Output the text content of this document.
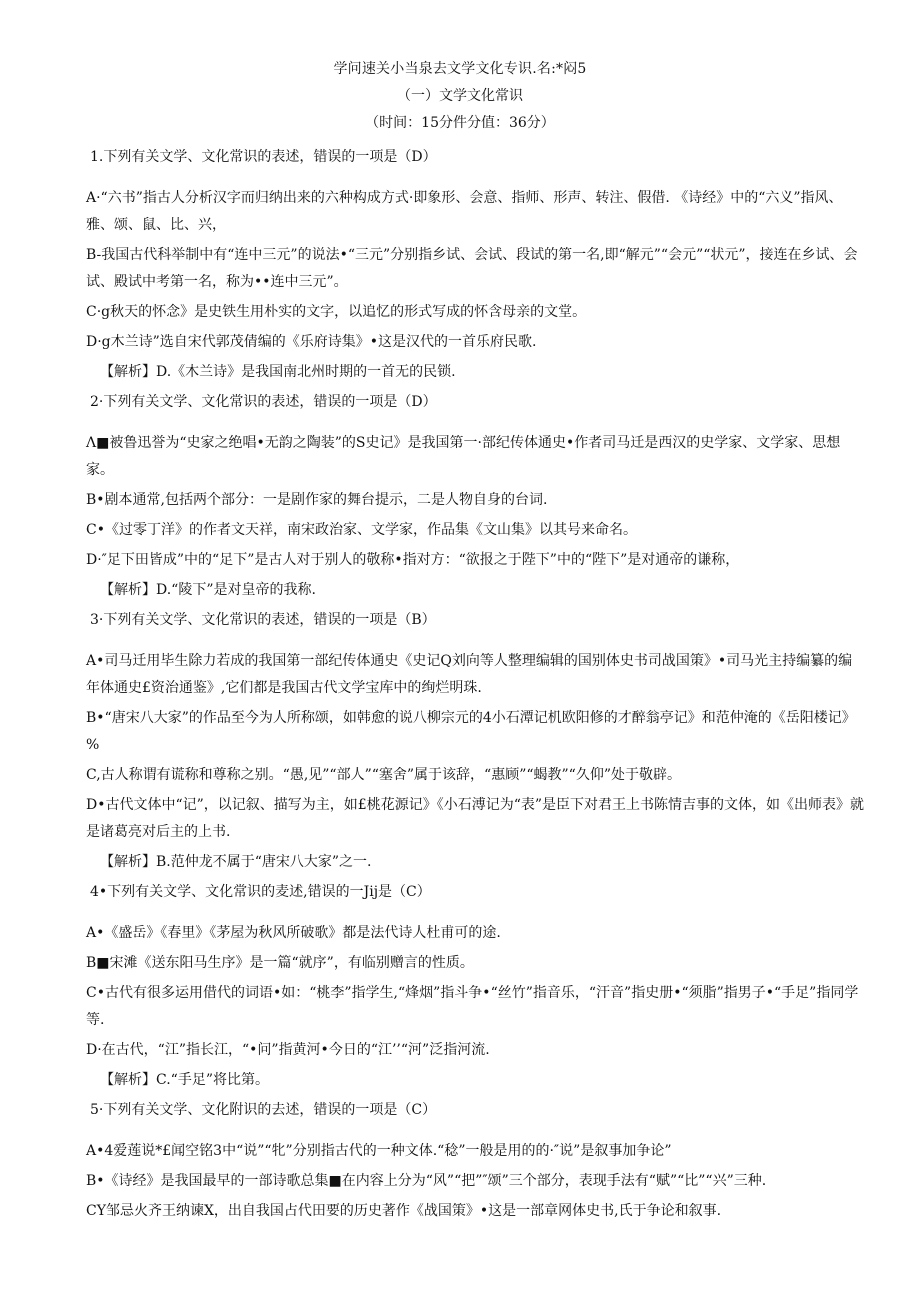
学问速关小当泉去文学文化专识.名:*闷5
（一）文学文化常识
（时间：15分件分值：36分）
1.下列有关文学、文化常识的表述，错误的一项是（D）
A·“六书”指古人分析汉字而归纳出来的六种构成方式·即象形、会意、指师、形声、转注、假借. 《诗经》中的“六义”指风、雅、颂、鼠、比、兴，
B-我国古代科举制中有“连中三元”的说法•“三元”分别指乡试、会试、段试的第一名,即“解元”“会元”“状元”，接连在乡试、会试、殿试中考第一名，称为••连中三元”。
C·g秋天的怀念》是史铁生用朴实的文字，以追忆的形式写成的怀含母亲的文堂。
D·g木兰诗”选自宋代郭茂倩编的《乐府诗集》•这是汉代的一首乐府民歌.
【解析】D.《木兰诗》是我国南北州时期的一首无的民锁.
2·下列有关文学、文化常识的表述，错误的一项是（D）
Λ■被鲁迅誉为“史家之绝唱•无韵之陶装”的S史记》是我国第一·部纪传体通史•作者司马迁是西汉的史学家、文学家、思想家。
B•剧本通常,包括两个部分：一是剧作家的舞台提示，二是人物自身的台词.
C•《过零丁洋》的作者文天祥，南宋政治家、文学家，作品集《文山集》以其号来命名。
D·″足下田皆成”中的“足下”是古人对于别人的敬称•指对方：“欲报之于陛下”中的“陛下”是对通帝的谦称，
【解析】D.“陵下”是对皇帝的我称.
3·下列有关文学、文化常识的表述，错误的一项是（B）
A•司马迁用毕生除力若成的我国第一部纪传体通史《史记Q刘向等人整理编辑的国别体史书司战国策》•司马光主持编纂的编年体通史£资治通鉴》,它们都是我国古代文学宝库中的绚烂明珠.
B•“唐宋八大家”的作品至今为人所称颂，如韩愈的说八柳宗元的4小石潭记机欧阳修的才醉翁亭记》和范仲淹的《岳阳楼记》%
C,古人称谓有谎称和尊称之别。“愚,见”“部人”“塞舍”属于该辞，“惠顾”“蝎教”“久仰”处于敬辟。
D•古代文体中“记”，以记叙、描写为主，如£桃花源记》《小石溥记为“表”是臣下对君王上书陈情吉事的文体，如《出师表》就是诸葛亮对后主的上书.
【解析】B.范仲龙不属于“唐宋八大家”之一.
4•下列有关文学、文化常识的麦述,错误的一Jij是（C）
A•《盛岳》《春里》《茅屋为秋风所破歌》都是法代诗人杜甫可的途.
B■宋滩《送东阳马生序》是一篇“就序”，有临别赠言的性质。
C•古代有很多运用借代的词语•如：“桃李”指学生,“烽烟”指斗争•“丝竹”指音乐，“汗音”指史册•“须脂”指男子•“手足”指同学等.
D·在古代，“江”指长江，“•问”指黄河•今日的“江’’“河”泛指河流.
【解析】C.“手足”将比第。
5·下列有关文学、文化附识的去述，错误的一项是（C）
A•4爱莲说*£闻空铭3中“说”“牝”分别指古代的一种文体.“稔”一般是用的的·″说”是叙事加争论”
B•《诗经》是我国最早的一部诗歌总集■在内容上分为“风”“把”″颂”三个部分，表现手法有“赋”“比”“兴”三种.
CY邹忌火齐王纳谏X，出自我国占代田要的历史著作《战国策》•这是一部章网体史书,氏于争论和叙事.
